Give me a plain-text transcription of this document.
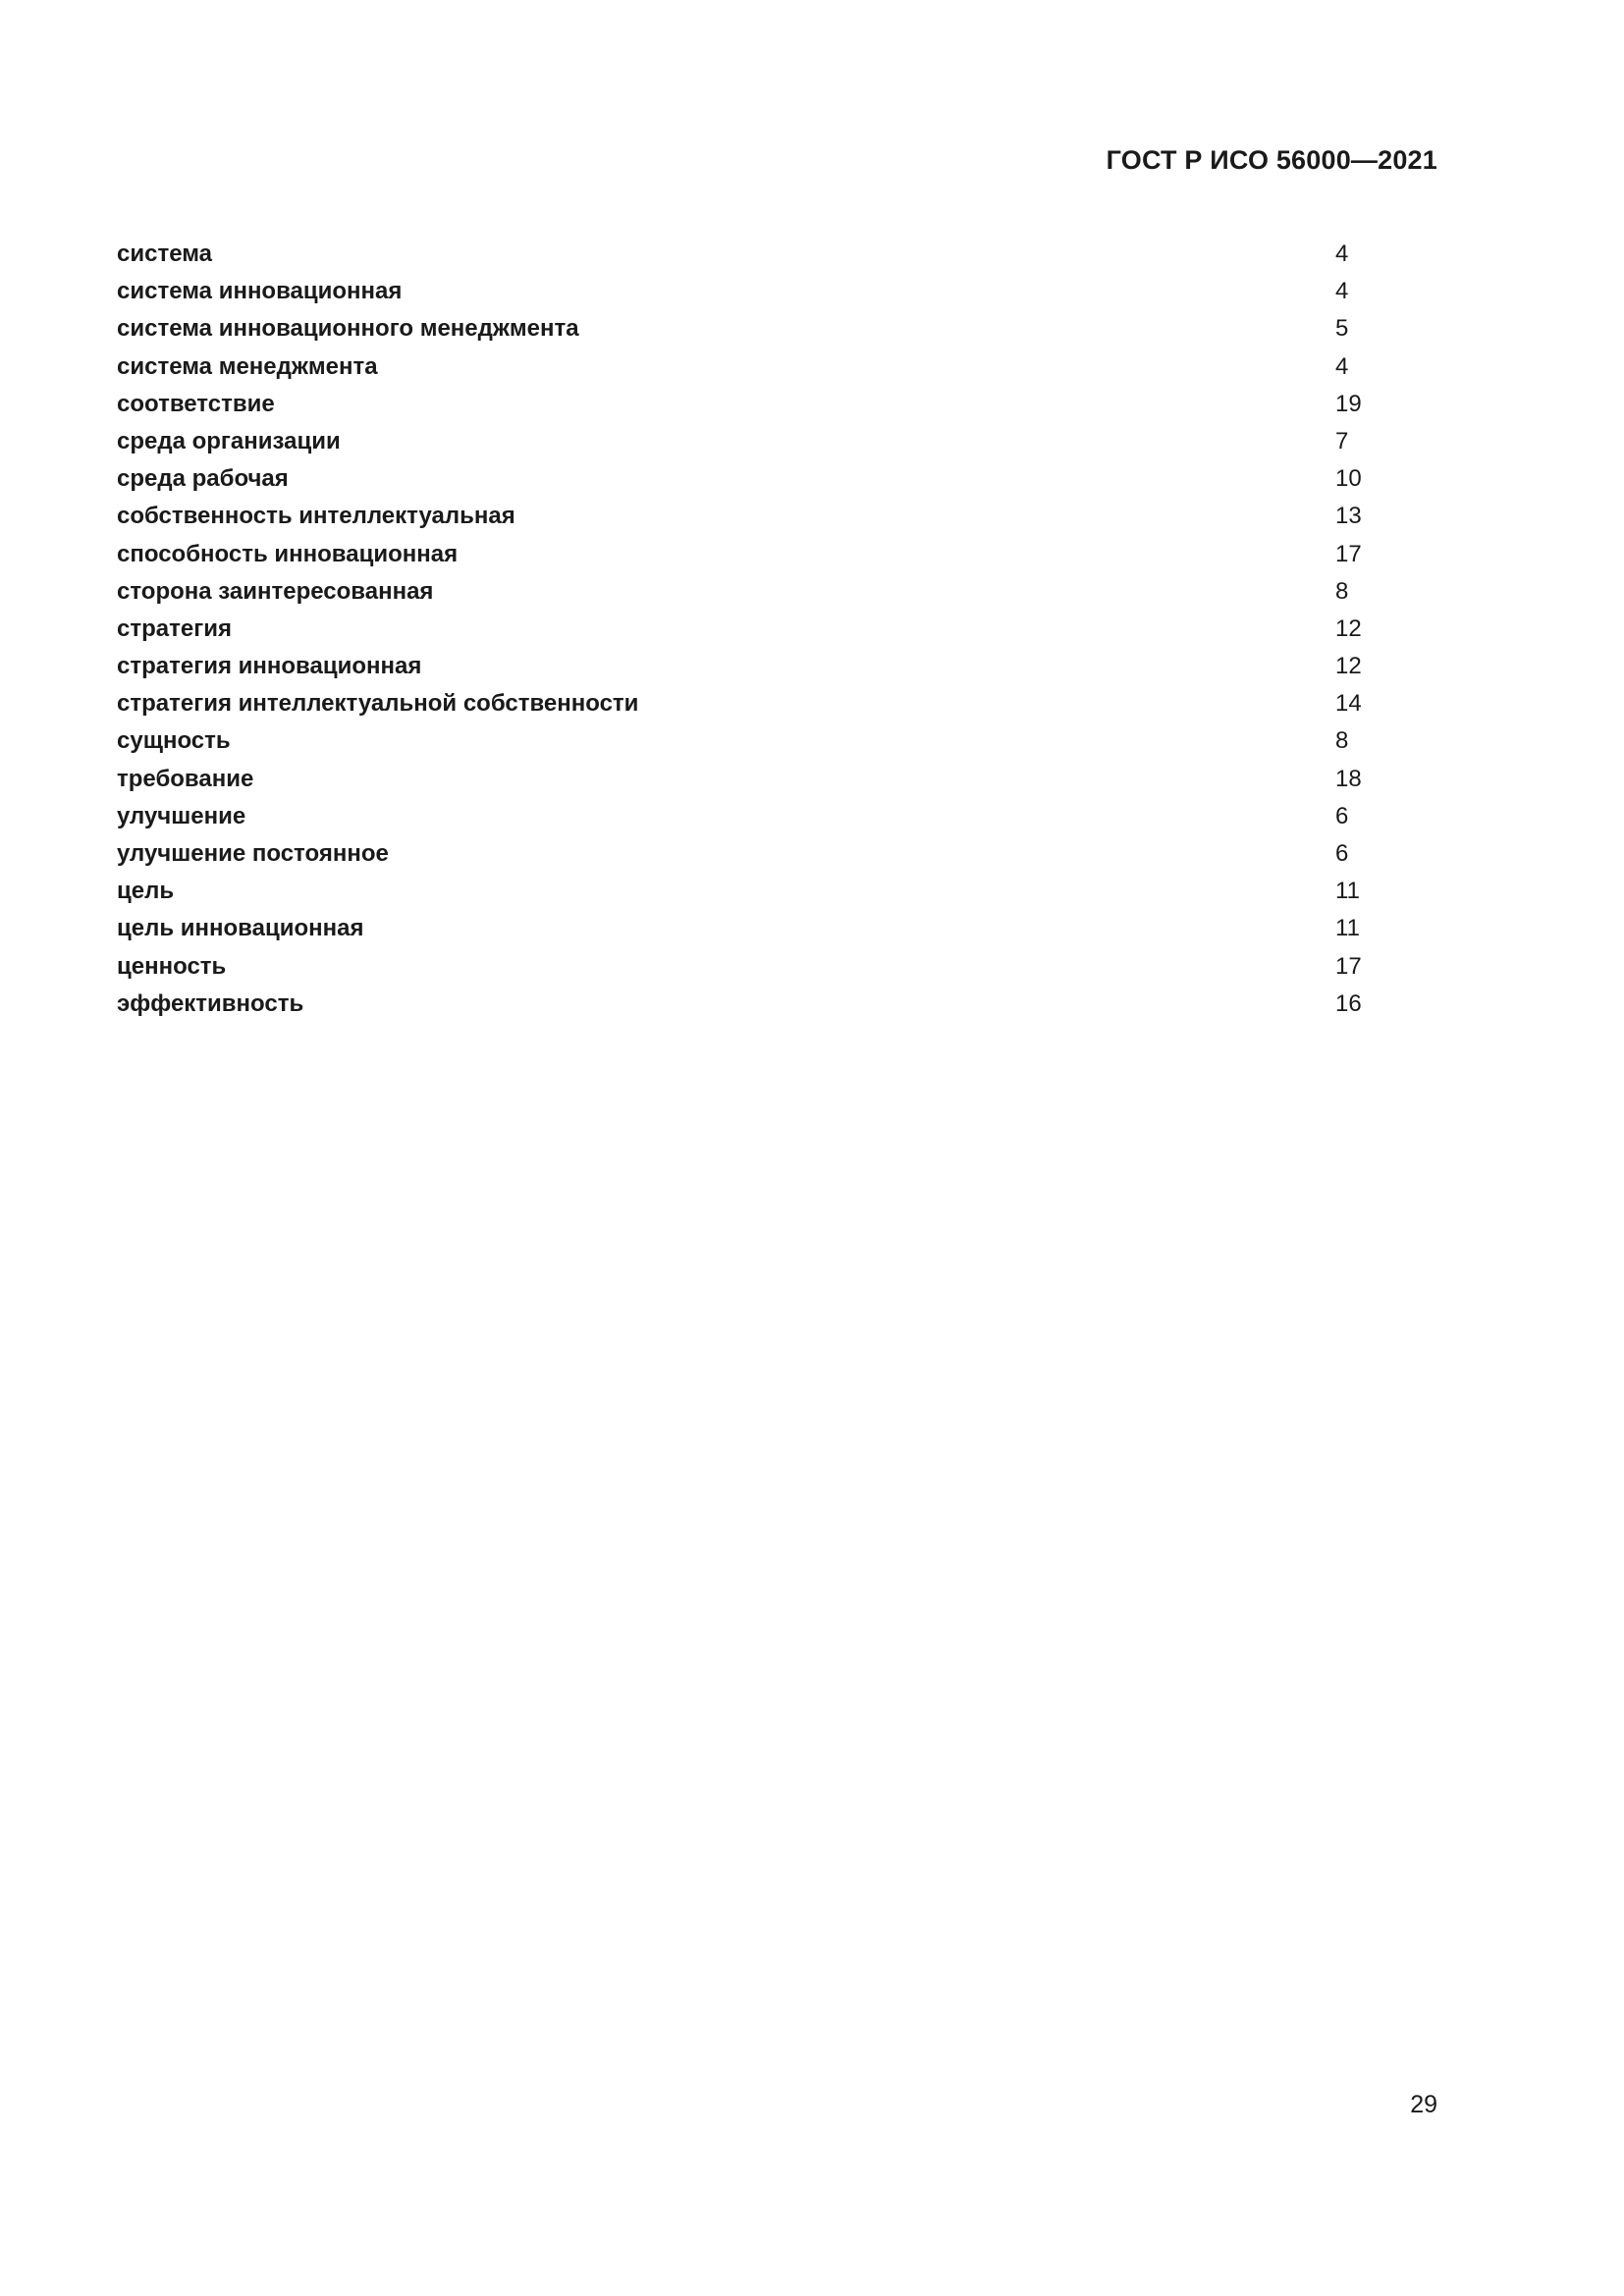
ГОСТ Р ИСО 56000—2021
система	4
система инновационная	4
система инновационного менеджмента	5
система менеджмента	4
соответствие	19
среда организации	7
среда рабочая	10
собственность интеллектуальная	13
способность инновационная	17
сторона заинтересованная	8
стратегия	12
стратегия инновационная	12
стратегия интеллектуальной собственности	14
сущность	8
требование	18
улучшение	6
улучшение постоянное	6
цель	11
цель инновационная	11
ценность	17
эффективность	16
29
